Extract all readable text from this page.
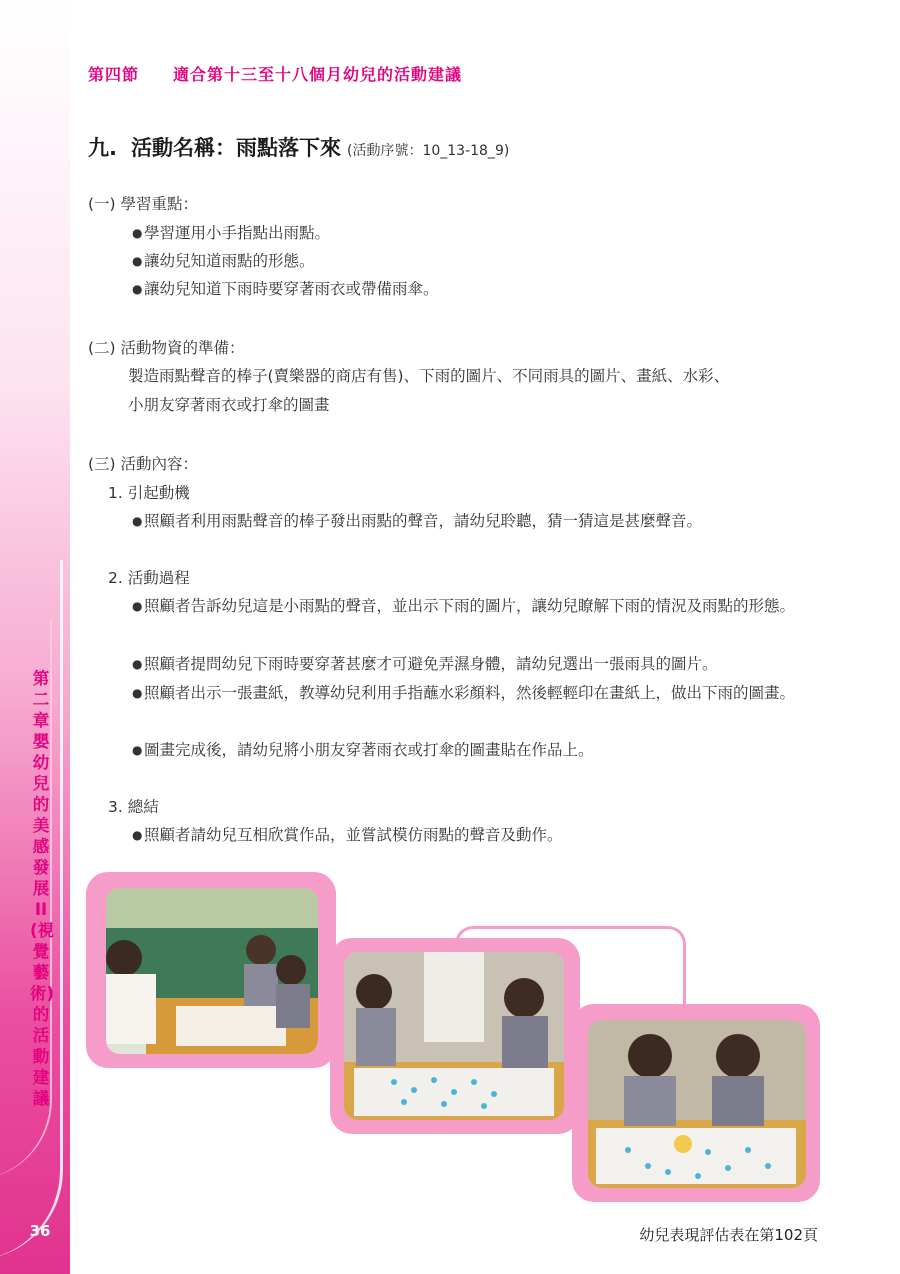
第二章 嬰幼兒的美感發展II(視覺藝術)的活動建議
36
第四節 適合第十三至十八個月幼兒的活動建議
九. 活動名稱：雨點落下來 (活動序號：10_13-18_9)
(一) 學習重點：
●學習運用小手指點出雨點。
●讓幼兒知道雨點的形態。
●讓幼兒知道下雨時要穿著雨衣或帶備雨傘。
(二) 活動物資的準備：
製造雨點聲音的棒子(賣樂器的商店有售)、下雨的圖片、不同雨具的圖片、畫紙、水彩、
小朋友穿著雨衣或打傘的圖畫
(三) 活動內容：
1. 引起動機
●照顧者利用雨點聲音的棒子發出雨點的聲音，請幼兒聆聽，猜一猜這是甚麼聲音。
2. 活動過程
●照顧者告訴幼兒這是小雨點的聲音，並出示下雨的圖片，讓幼兒瞭解下雨的情況及雨點的形態。
●照顧者提問幼兒下雨時要穿著甚麼才可避免弄濕身體，請幼兒選出一張雨具的圖片。
●照顧者出示一張畫紙，教導幼兒利用手指蘸水彩顏料，然後輕輕印在畫紙上，做出下雨的圖畫。
●圖畫完成後，請幼兒將小朋友穿著雨衣或打傘的圖畫貼在作品上。
3. 總結
●照顧者請幼兒互相欣賞作品，並嘗試模仿雨點的聲音及動作。
幼兒表現評估表在第102頁
